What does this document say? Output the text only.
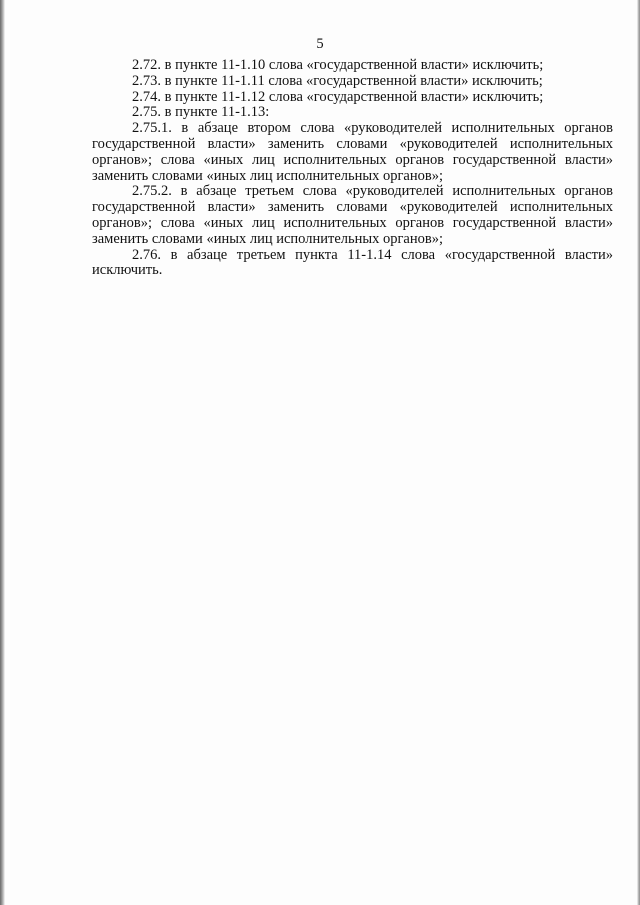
5

2.72. в пункте 11-1.10 слова «государственной власти» исключить;

2.73. в пункте 11-1.11 слова «государственной власти» исключить;

2.74. в пункте 11-1.12 слова «государственной власти» исключить;

2.75. в пункте 11-1.13:

2.75.1. в абзаце втором слова «руководителей исполнительных органов государственной власти» заменить словами «руководителей исполнительных органов»; слова «иных лиц исполнительных органов государственной власти» заменить словами «иных лиц исполнительных органов»;

2.75.2. в абзаце третьем слова «руководителей исполнительных органов государственной власти» заменить словами «руководителей исполнительных органов»; слова «иных лиц исполнительных органов государственной власти» заменить словами «иных лиц исполнительных органов»;

2.76. в абзаце третьем пункта 11-1.14 слова «государственной власти» исключить.
